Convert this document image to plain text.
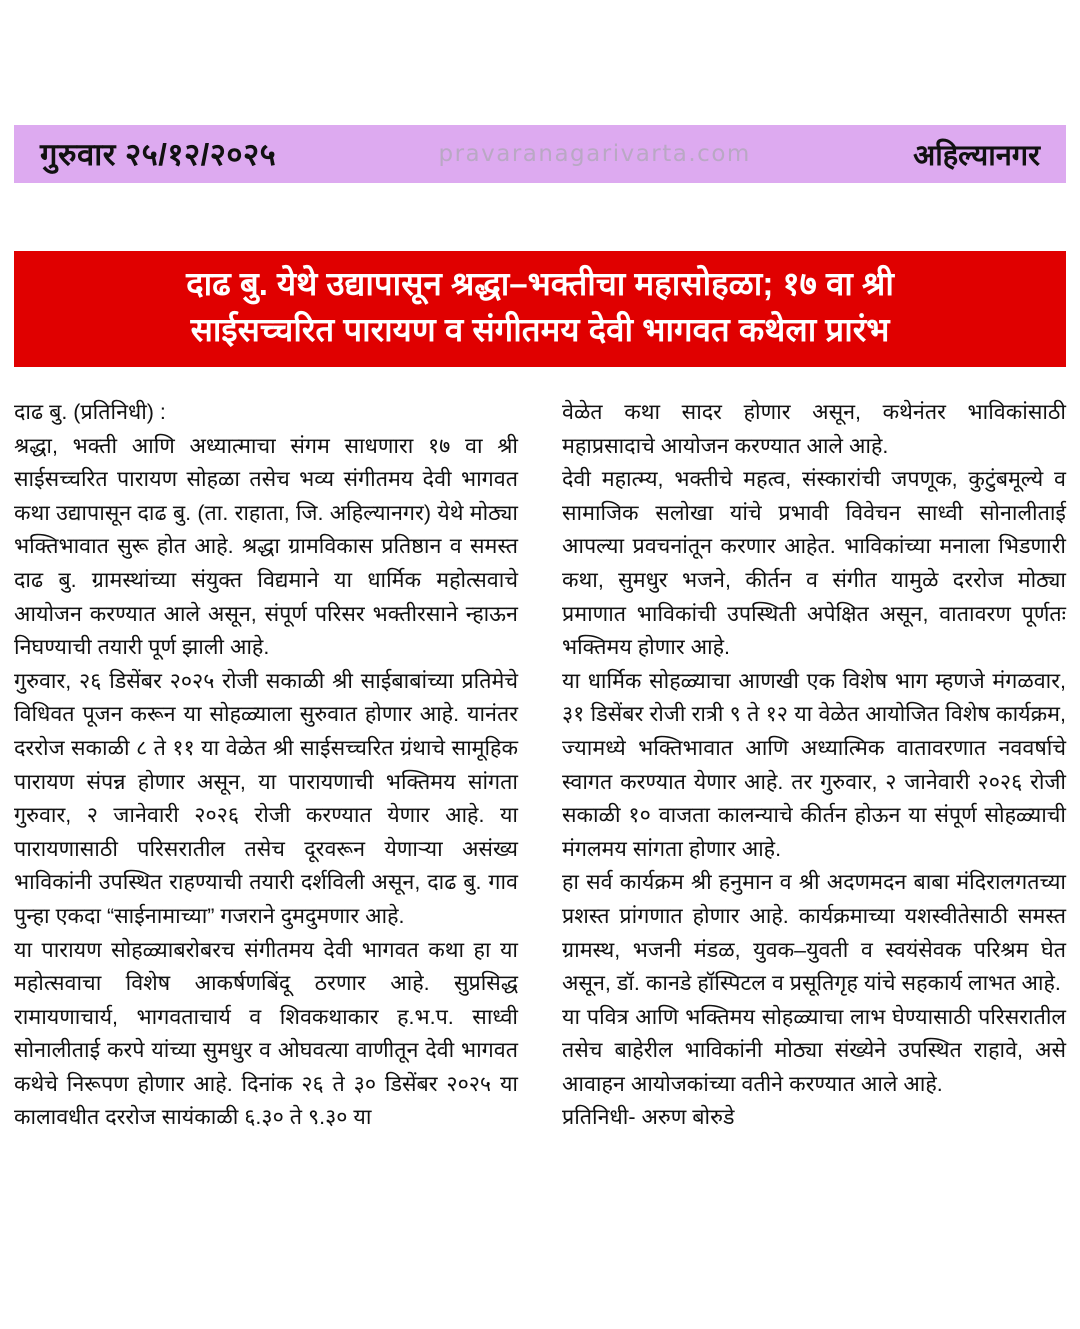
गुरुवार २५/१२/२०२५	pravaranagarivarta.com	अहिल्यानगर
दाढ बु. येथे उद्यापासून श्रद्धा–भक्तीचा महासोहळा; १७ वा श्री
साईसच्चरित पारायण व संगीतमय देवी भागवत कथेला प्रारंभ

दाढ बु. (प्रतिनिधी) :

श्रद्धा, भक्ती आणि अध्यात्माचा संगम साधणारा १७ वा श्री साईसच्चरित पारायण सोहळा तसेच भव्य संगीतमय देवी भागवत कथा उद्यापासून दाढ बु. (ता. राहाता, जि. अहिल्यानगर) येथे मोठ्या भक्तिभावात सुरू होत आहे. श्रद्धा ग्रामविकास प्रतिष्ठान व समस्त दाढ बु. ग्रामस्थांच्या संयुक्त विद्यमाने या धार्मिक महोत्सवाचे आयोजन करण्यात आले असून, संपूर्ण परिसर भक्तीरसाने न्हाऊन निघण्याची तयारी पूर्ण झाली आहे.

गुरुवार, २६ डिसेंबर २०२५ रोजी सकाळी श्री साईबाबांच्या प्रतिमेचे विधिवत पूजन करून या सोहळ्याला सुरुवात होणार आहे. यानंतर दररोज सकाळी ८ ते ११ या वेळेत श्री साईसच्चरित ग्रंथाचे सामूहिक पारायण संपन्न होणार असून, या पारायणाची भक्तिमय सांगता गुरुवार, २ जानेवारी २०२६ रोजी करण्यात येणार आहे. या पारायणासाठी परिसरातील तसेच दूरवरून येणाऱ्या असंख्य भाविकांनी उपस्थित राहण्याची तयारी दर्शविली असून, दाढ बु. गाव पुन्हा एकदा “साईनामाच्या” गजराने दुमदुमणार आहे.

या पारायण सोहळ्याबरोबरच संगीतमय देवी भागवत कथा हा या महोत्सवाचा विशेष आकर्षणबिंदू ठरणार आहे. सुप्रसिद्ध रामायणाचार्य, भागवताचार्य व शिवकथाकार ह.भ.प. साध्वी सोनालीताई करपे यांच्या सुमधुर व ओघवत्या वाणीतून देवी भागवत कथेचे निरूपण होणार आहे. दिनांक २६ ते ३० डिसेंबर २०२५ या कालावधीत दररोज सायंकाळी ६.३० ते ९.३० या

वेळेत कथा सादर होणार असून, कथेनंतर भाविकांसाठी महाप्रसादाचे आयोजन करण्यात आले आहे.

देवी महात्म्य, भक्तीचे महत्व, संस्कारांची जपणूक, कुटुंबमूल्ये व सामाजिक सलोखा यांचे प्रभावी विवेचन साध्वी सोनालीताई आपल्या प्रवचनांतून करणार आहेत. भाविकांच्या मनाला भिडणारी कथा, सुमधुर भजने, कीर्तन व संगीत यामुळे दररोज मोठ्या प्रमाणात भाविकांची उपस्थिती अपेक्षित असून, वातावरण पूर्णतः भक्तिमय होणार आहे.

या धार्मिक सोहळ्याचा आणखी एक विशेष भाग म्हणजे मंगळवार, ३१ डिसेंबर रोजी रात्री ९ ते १२ या वेळेत आयोजित विशेष कार्यक्रम, ज्यामध्ये भक्तिभावात आणि अध्यात्मिक वातावरणात नववर्षाचे स्वागत करण्यात येणार आहे. तर गुरुवार, २ जानेवारी २०२६ रोजी सकाळी १० वाजता कालन्याचे कीर्तन होऊन या संपूर्ण सोहळ्याची मंगलमय सांगता होणार आहे.

हा सर्व कार्यक्रम श्री हनुमान व श्री अदणमदन बाबा मंदिरालगतच्या प्रशस्त प्रांगणात होणार आहे. कार्यक्रमाच्या यशस्वीतेसाठी समस्त ग्रामस्थ, भजनी मंडळ, युवक–युवती व स्वयंसेवक परिश्रम घेत असून, डॉ. कानडे हॉस्पिटल व प्रसूतिगृह यांचे सहकार्य लाभत आहे.

या पवित्र आणि भक्तिमय सोहळ्याचा लाभ घेण्यासाठी परिसरातील तसेच बाहेरील भाविकांनी मोठ्या संख्येने उपस्थित राहावे, असे आवाहन आयोजकांच्या वतीने करण्यात आले आहे.

प्रतिनिधी- अरुण बोरुडे
